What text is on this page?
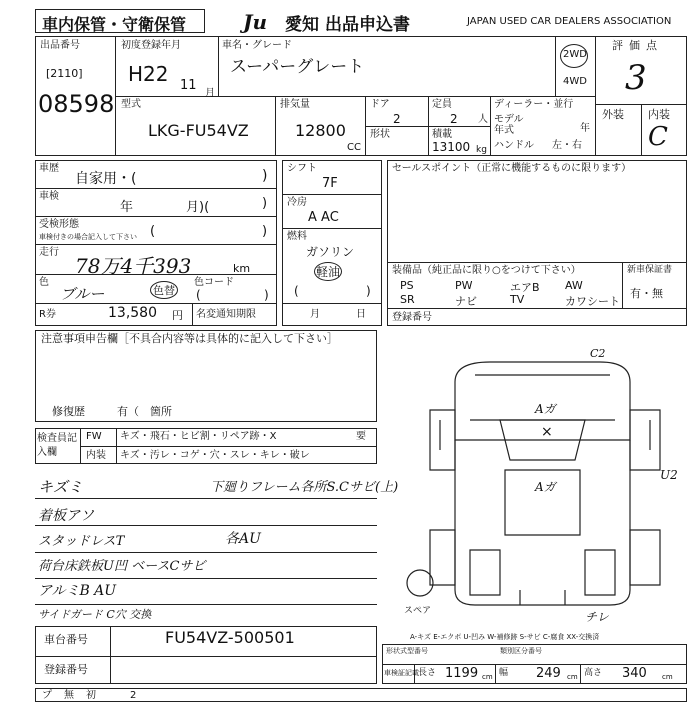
車内保管・守衛保管	Ju	愛知 出品申込書	JAPAN USED CAR DEALERS ASSOCIATION
出品番号
[2110]
08598
初度登録年月
H22 11
月
車名・グレード
スーパーグレート
2WD
4WD
評価点
3
外装 内装
C
型式
LKG-FU54VZ
排気量
12800
CC
ドア
2
定員
2 人
形状	積載
13100 kg
ディーラー・並行
モデル
年式	年
ハンドル 左・右
車歴
自家用・(	)
車検
年	月)(	)
受検形態
車検付きの場合記入して下さい (	)
走行
78万4千393	km
色
ブルー	色替
色コード
(	)
R券	13,580 円 名変通知期限
シフト
7F
冷房
A AC
燃料
ガソリン
軽油
(	)
月	日
セールスポイント（正常に機能するものに限ります）
装備品（純正品に限り○をつけて下さい）	新車保証書
有・無
PS	PW	エアB AW
SR	ナビ	TV	カワシート
登録番号
注意事項申告欄［不具合内容等は具体的に記入して下さい］
修復歴	有（ 箇所
検査員記入欄
FW キズ・飛石・ヒビ割・リペア跡・X	要
内装 キズ・汚レ・コゲ・穴・スレ・キレ・破レ
キズミ	下廻りフレーム各所S.Cサビ(上)
着板アソ
スタッドレスT	各AU
荷台床鉄板U凹 ベースCサビ
アルミB AU
サイドガード C穴 交換
C2
Aガ
×
Aガ
U2
チレ
スペア
A-キズ E-エクボ U-凹み W-補修跡 S-サビ C-腐食 XX-交換済
車台番号	FU54VZ-500501
登録番号
形状式型番号	類別区分番号
車検証記載 長さ 1199 cm 幅 249 cm 高さ 340 cm
プ 無 初	2
